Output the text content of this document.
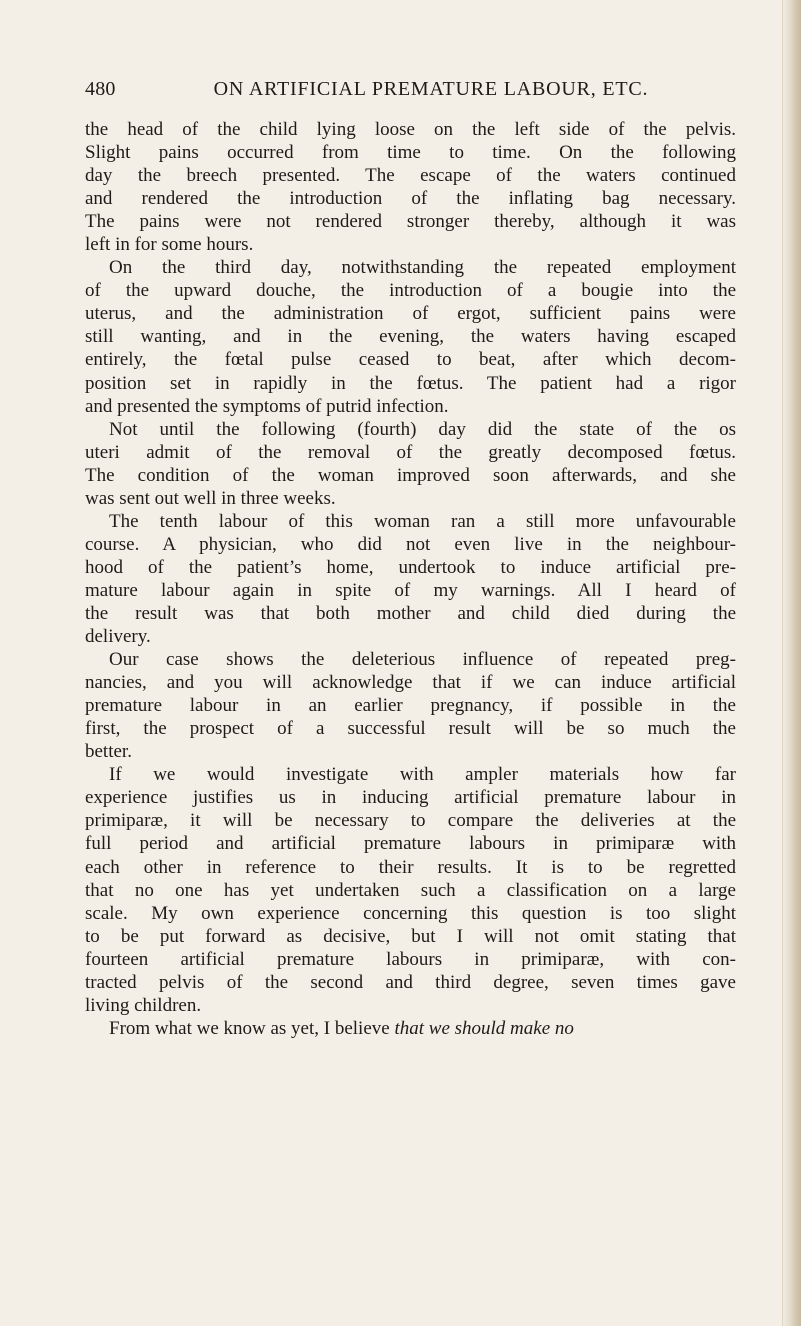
480	ON ARTIFICIAL PREMATURE LABOUR, ETC.
the head of the child lying loose on the left side of the pelvis.
Slight pains occurred from time to time. On the following
day the breech presented. The escape of the waters continued
and rendered the introduction of the inflating bag necessary.
The pains were not rendered stronger thereby, although it was
left in for some hours.
On the third day, notwithstanding the repeated employment
of the upward douche, the introduction of a bougie into the
uterus, and the administration of ergot, sufficient pains were
still wanting, and in the evening, the waters having escaped
entirely, the fœtal pulse ceased to beat, after which decom-
position set in rapidly in the fœtus. The patient had a rigor
and presented the symptoms of putrid infection.
Not until the following (fourth) day did the state of the os
uteri admit of the removal of the greatly decomposed fœtus.
The condition of the woman improved soon afterwards, and she
was sent out well in three weeks.
The tenth labour of this woman ran a still more unfavourable
course. A physician, who did not even live in the neighbour-
hood of the patient’s home, undertook to induce artificial pre-
mature labour again in spite of my warnings. All I heard of
the result was that both mother and child died during the
delivery.
Our case shows the deleterious influence of repeated preg-
nancies, and you will acknowledge that if we can induce artificial
premature labour in an earlier pregnancy, if possible in the
first, the prospect of a successful result will be so much the
better.
If we would investigate with ampler materials how far
experience justifies us in inducing artificial premature labour in
primiparæ, it will be necessary to compare the deliveries at the
full period and artificial premature labours in primiparæ with
each other in reference to their results. It is to be regretted
that no one has yet undertaken such a classification on a large
scale. My own experience concerning this question is too slight
to be put forward as decisive, but I will not omit stating that
fourteen artificial premature labours in primiparæ, with con-
tracted pelvis of the second and third degree, seven times gave
living children.
From what we know as yet, I believe that we should make no
